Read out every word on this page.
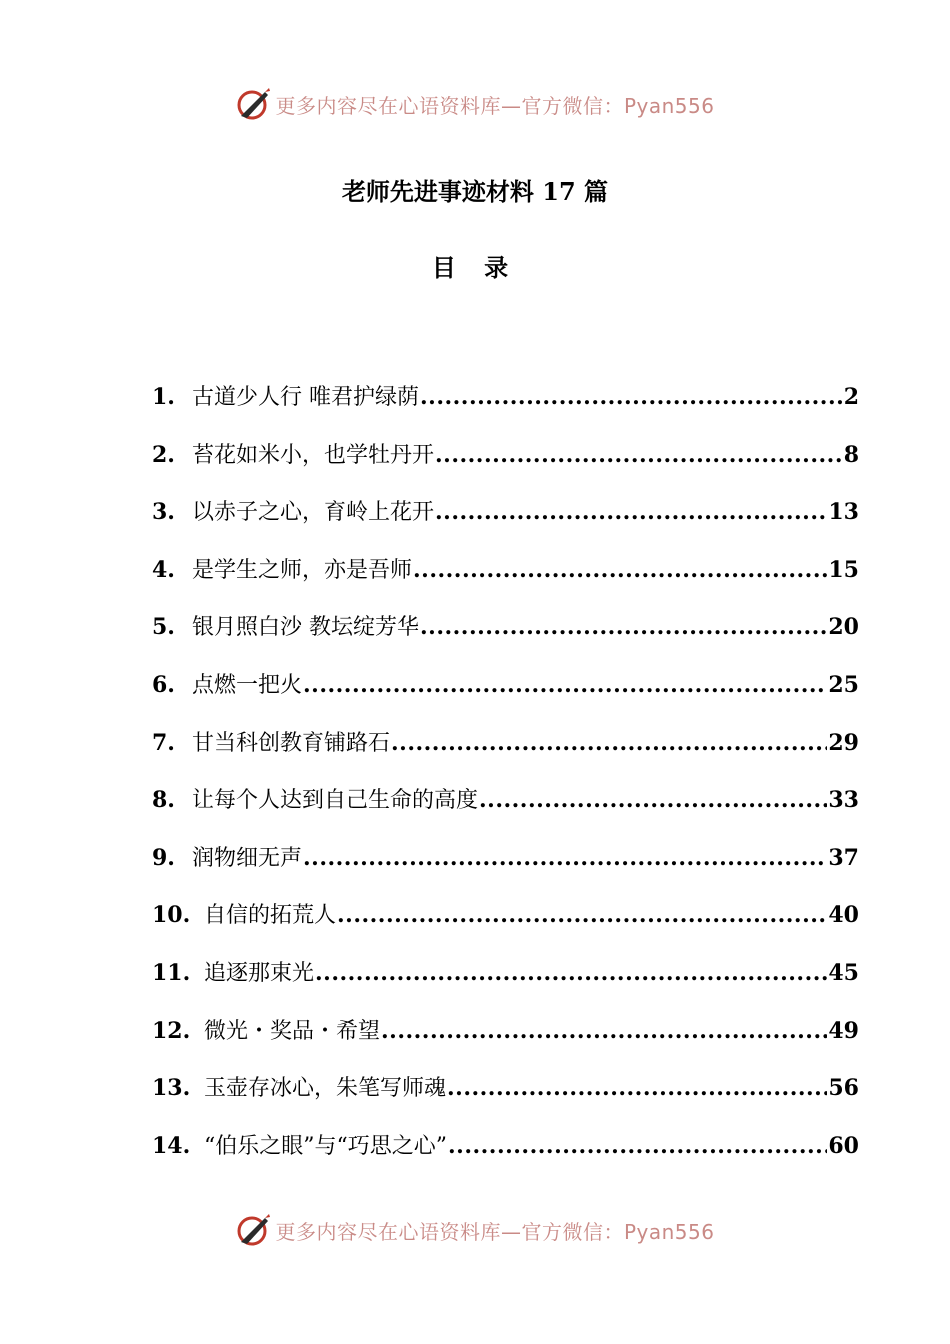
更多内容尽在心语资料库—官方微信：Pyan556
老师先进事迹材料 17 篇
目 录
1. 古道少人行 唯君护绿荫 .....	2
2. 苔花如米小，也学牡丹开 .....	8
3. 以赤子之心，育岭上花开 .....	13
4. 是学生之师，亦是吾师 .....	15
5. 银月照白沙 教坛绽芳华 .....	20
6. 点燃一把火 .....	25
7. 甘当科创教育铺路石 .....	29
8. 让每个人达到自己生命的高度 .....	33
9. 润物细无声 .....	37
10. 自信的拓荒人 .....	40
11. 追逐那束光 .....	45
12. 微光・奖品・希望 .....	49
13. 玉壶存冰心，朱笔写师魂 .....	56
14. “伯乐之眼”与“巧思之心” .....	60
更多内容尽在心语资料库—官方微信：Pyan556
